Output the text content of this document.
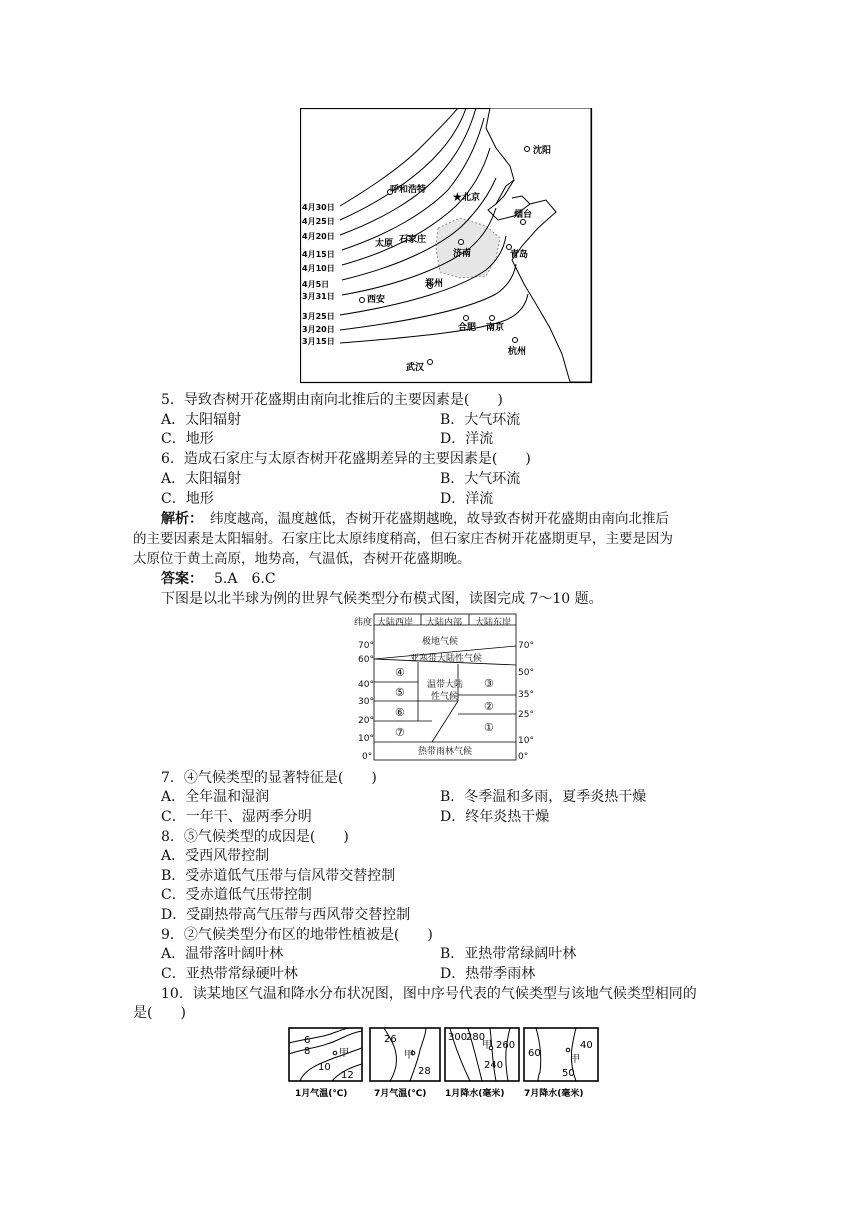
★
沈阳
呼和浩特
北京
烟台
太原 石家庄
济南	青岛
郑州
西安
合肥 南京
杭州
武汉
4月30日
4月25日
4月20日
4月15日
4月10日
4月5日
3月31日
3月25日
3月20日
3月15日
5．导致杏树开花盛期由南向北推后的主要因素是(　　)
A．太阳辐射	B．大气环流
C．地形	D．洋流
6．造成石家庄与太原杏树开花盛期差异的主要因素是(　　)
A．太阳辐射	B．大气环流
C．地形	D．洋流
解析： 纬度越高，温度越低，杏树开花盛期越晚，故导致杏树开花盛期由南向北推后
的主要因素是太阳辐射。石家庄比太原纬度稍高，但石家庄杏树开花盛期更早，主要是因为
太原位于黄土高原，地势高，气温低，杏树开花盛期晚。
答案： 5.A　6.C
下图是以北半球为例的世界气候类型分布模式图，读图完成 7～10 题。
纬度 大陆西岸 大陆内部 大陆东岸
70°
60°
40°
30°
20°
10°
0°
70°
50°
35°
25°
10°
0°
极地气候
亚寒带大陆性气候
温带大陆
性气候
热带雨林气候
④
⑤
⑥
⑦
③
②
①
7．④气候类型的显著特征是(　　)
A．全年温和湿润	B．冬季温和多雨，夏季炎热干燥
C．一年干、湿两季分明	D．终年炎热干燥
8．⑤气候类型的成因是(　　)
A．受西风带控制
B．受赤道低气压带与信风带交替控制
C．受赤道低气压带控制
D．受副热带高气压带与西风带交替控制
9．②气候类型分布区的地带性植被是(　　)
A．温带落叶阔叶林	B．亚热带常绿阔叶林
C．亚热带常绿硬叶林	D．热带季雨林
10．读某地区气温和降水分布状况图，图中序号代表的气候类型与该地气候类型相同的
是(　　)
6
8
10
12
甲
26
28
甲
300
280
260
240
甲
60
40
50
甲
1月气温(℃)	7月气温(℃) 1月降水(毫米) 7月降水(毫米)
